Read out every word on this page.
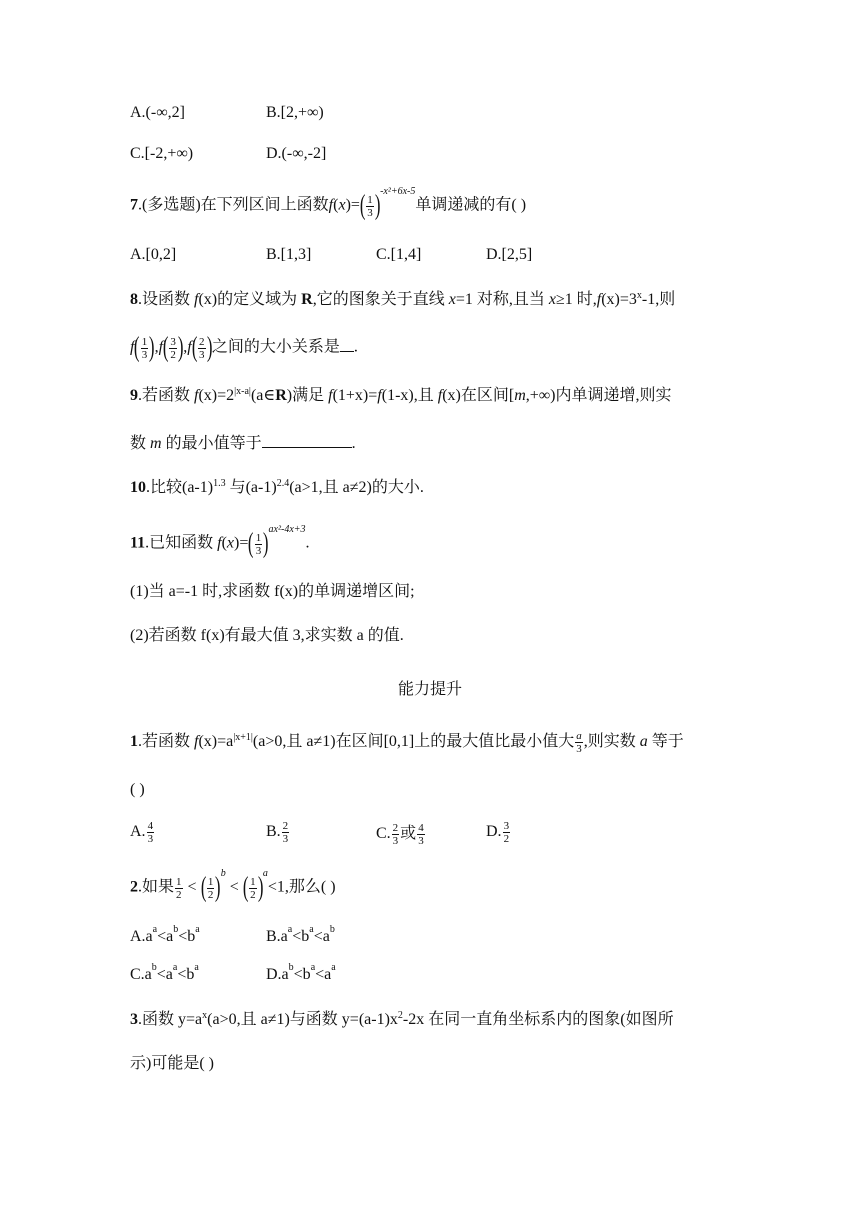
A.(-∞,2]	B.[2,+∞)
C.[-2,+∞)	D.(-∞,-2]
7.(多选题)在下列区间上函数$f(x)=( \frac{1}{3} )^{-x^2+6x-5}$单调递减的有( )
A.[0,2]	B.[1,3]	C.[1,4]	D.[2,5]
8.设函数 f(x)的定义域为 R,它的图象关于直线 x=1 对称,且当 x≥1 时$,f(x)=3^x-1$,则
$f( \frac{1}{3} ),f( \frac{3}{2} ),f( \frac{2}{3}$ )之间的大小关系是 .
9.若函数 $f(x)=2^{|x-a|}(a\in R)$满足 f(1+x)=f(1-x),且 f(x)在区间[m,+∞)内单调递增,则实
数 m 的最小值等于	.
10.比较$(a-1)^{1.3}$ 与$(a-1)^{2.4}(a>1$,且 a≠2)的大小.
11.已知函数 $f(x)=( \frac{1}{3} )^{ax^2-4x+3}$.
(1)当 a=-1 时,求函数 f(x)的单调递增区间;
(2)若函数 f(x)有最大值 3,求实数 a 的值.
能力提升
1.若函数 $f(x)=a^{|x+1|}(a>0$,且 a≠1)在区间[0,1]上的最大值比最小值大 $\frac{a}{3}$ ,则实数 a 等于
( )
A. $\frac{4}{3}$	B. $\frac{2}{3}$	C. $\frac{2}{3}$ 或 $\frac{4}{3}$	D. $\frac{3}{2}$
2.如果 $\frac{1}{2}$ < ( $\frac{1}{2} )^b$ < ( $\frac{1}{2} )^a<1$,那么( )
$A.a^a<a^b<b^a$	$B.a^a<b^a<a^b$
$C.a^b<a^a<b^a$	$D.a^b<b^a<a^a$
3.函数 $y=a^x(a>0$,且 a≠1)与函数 $y=(a-1)x^2-2x$ 在同一直角坐标系内的图象(如图所
示)可能是( )
